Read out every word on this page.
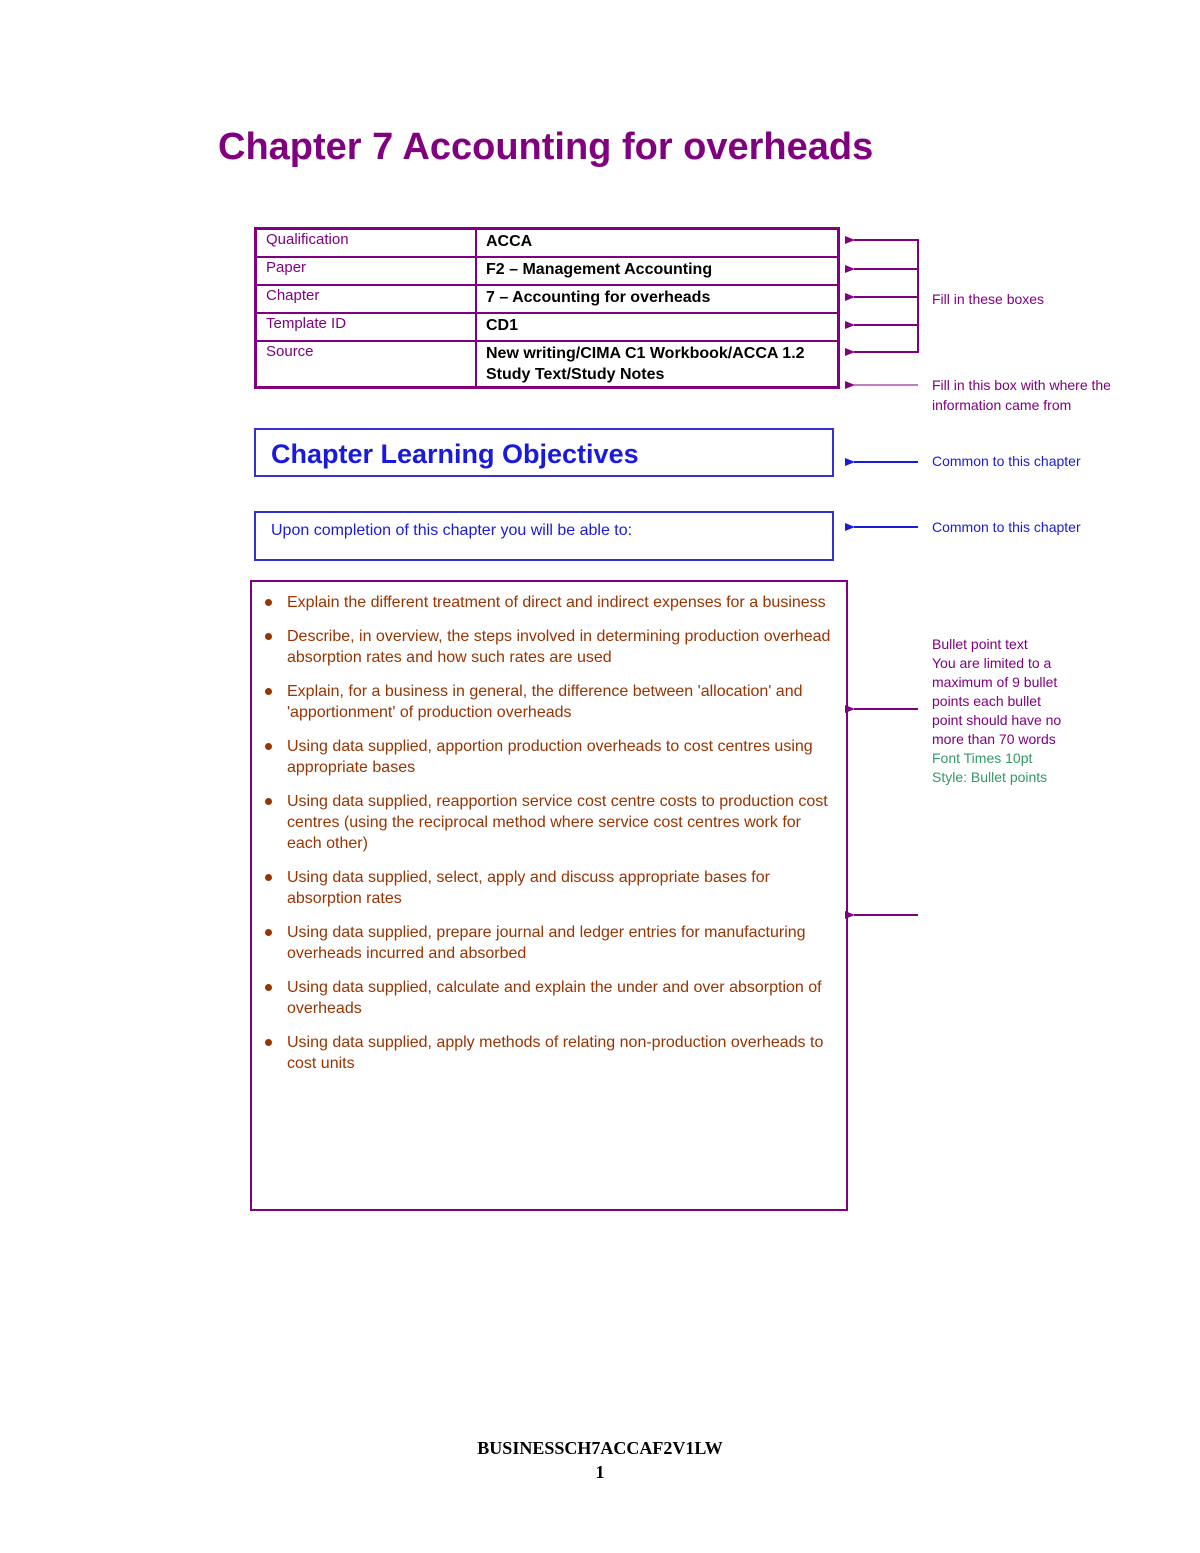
Chapter 7 Accounting for overheads
Qualification	ACCA
Paper	F2 – Management Accounting
Chapter	7 – Accounting for overheads
Template ID	CD1
Source	New writing/CIMA C1 Workbook/ACCA 1.2 Study Text/Study Notes
Chapter Learning Objectives
Upon completion of this chapter you will be able to:
Explain the different treatment of direct and indirect expenses for a business
Describe, in overview, the steps involved in determining production overhead absorption rates and how such rates are used
Explain, for a business in general, the difference between 'allocation' and 'apportionment' of production overheads
Using data supplied, apportion production overheads to cost centres using appropriate bases
Using data supplied, reapportion service cost centre costs to production cost centres (using the reciprocal method where service cost centres work for each other)
Using data supplied, select, apply and discuss appropriate bases for absorption rates
Using data supplied, prepare journal and ledger entries for manufacturing overheads incurred and absorbed
Using data supplied, calculate and explain the under and over absorption of overheads
Using data supplied, apply methods of relating non-production overheads to cost units
Fill in these boxes
Fill in this box with where the
information came from
Common to this chapter
Common to this chapter
Bullet point text
You are limited to a
maximum of 9 bullet
points each bullet
point should have no
more than 70 words
Font Times 10pt
Style: Bullet points
BUSINESSCH7ACCAF2V1LW
1
